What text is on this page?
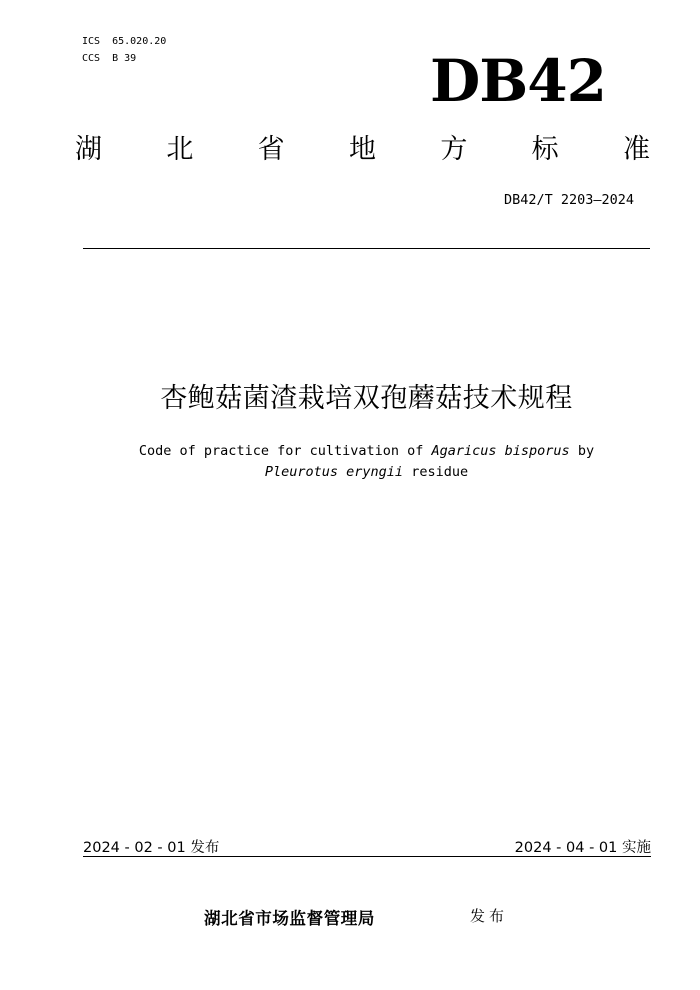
ICS  65.020.20
CCS  B 39	DB42
湖 北 省 地 方 标 准
DB42/T 2203—2024
杏鲍菇菌渣栽培双孢蘑菇技术规程
Code of practice for cultivation of Agaricus bisporus by
Pleurotus eryngii residue
2024 - 02 - 01 发布	2024 - 04 - 01 实施
湖北省市场监督管理局	发布
